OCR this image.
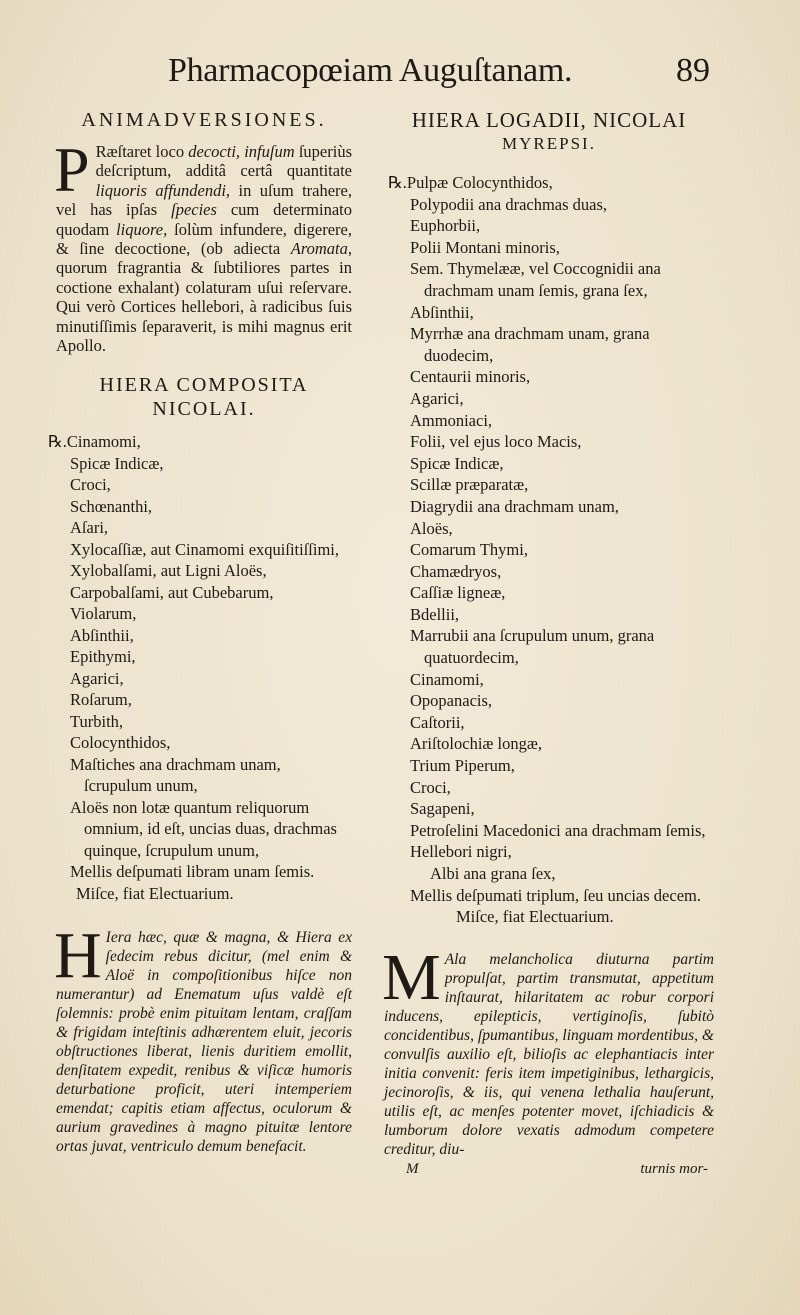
Pharmacopœiam Auguſtanam.	89
ANIMADVERSIONES.

P Ræſtaret loco decocti, infuſum ſuperiùs deſcriptum, additâ certâ quantitate liquoris affundendi, in uſum trahere, vel has ipſas ſpecies cum determinato quodam liquore, ſolùm infundere, digerere, & ſine decoctione, (ob adiecta Aromata, quorum fragrantia & ſubtiliores partes in coctione exhalant) colaturam uſui reſervare. Qui verò Cortices hellebori, à radicibus ſuis minutiſſimis ſeparaverit, is mihi magnus erit Apollo.

HIERA COMPOSITA
NICOLAI.
℞.Cinamomi,
Spicæ Indicæ,
Croci,
Schœnanthi,
Aſari,
Xylocaſſiæ, aut Cinamomi exquiſitiſſimi,
Xylobalſami, aut Ligni Aloës,
Carpobalſami, aut Cubebarum,
Violarum,
Abſinthii,
Epithymi,
Agarici,
Roſarum,
Turbith,
Colocynthidos,
Maſtiches ana drachmam unam, ſcrupulum unum,
Aloës non lotæ quantum reliquorum omnium, id eſt, uncias duas, drachmas quinque, ſcrupulum unum,
Mellis deſpumati libram unam ſemis.
Miſce, fiat Electuarium.

H Iera hæc, quæ & magna, & Hiera ex ſedecim rebus dicitur, (mel enim & Aloë in compoſitionibus hiſce non numerantur) ad Enematum uſus valdè eſt ſolemnis: probè enim pituitam lentam, craſſam & frigidam inteſtinis adhærentem eluit, jecoris obſtructiones liberat, lienis duritiem emollit, denſitatem expedit, renibus & viſicæ humoris deturbatione proficit, uteri intemperiem emendat; capitis etiam affectus, oculorum & aurium gravedines à magno pituitæ lentore ortas juvat, ventriculo demum benefacit.

HIERA LOGADII, NICOLAI
MYREPSI.
℞.Pulpæ Colocynthidos,
Polypodii ana drachmas duas,
Euphorbii,
Polii Montani minoris,
Sem. Thymelææ, vel Coccognidii ana drachmam unam ſemis, grana ſex,
Abſinthii,
Myrrhæ ana drachmam unam, grana duodecim,
Centaurii minoris,
Agarici,
Ammoniaci,
Folii, vel ejus loco Macis,
Spicæ Indicæ,
Scillæ præparatæ,
Diagrydii ana drachmam unam,
Aloës,
Comarum Thymi,
Chamædryos,
Caſſiæ ligneæ,
Bdellii,
Marrubii ana ſcrupulum unum, grana quatuordecim,
Cinamomi,
Opopanacis,
Caſtorii,
Ariſtolochiæ longæ,
Trium Piperum,
Croci,
Sagapeni,
Petroſelini Macedonici ana drachmam ſemis,
Hellebori nigri,
Albi ana grana ſex,
Mellis deſpumati triplum, ſeu uncias decem.
Miſce, fiat Electuarium.

M Ala melancholica diuturna partim propulſat, partim transmutat, appetitum inſtaurat, hilaritatem ac robur corpori inducens, epilepticis, vertiginoſis, ſubitò concidentibus, ſpumantibus, linguam mordentibus, & convulſis auxilio eſt, bilioſis ac elephantiacis inter initia convenit: feris item impetiginibus, lethargicis, jecinoroſis, & iis, qui venena lethalia hauſerunt, utilis eſt, ac menſes potenter movet, iſchiadicis & lumborum dolore vexatis admodum competere creditur, diu-

M	turnis mor-
